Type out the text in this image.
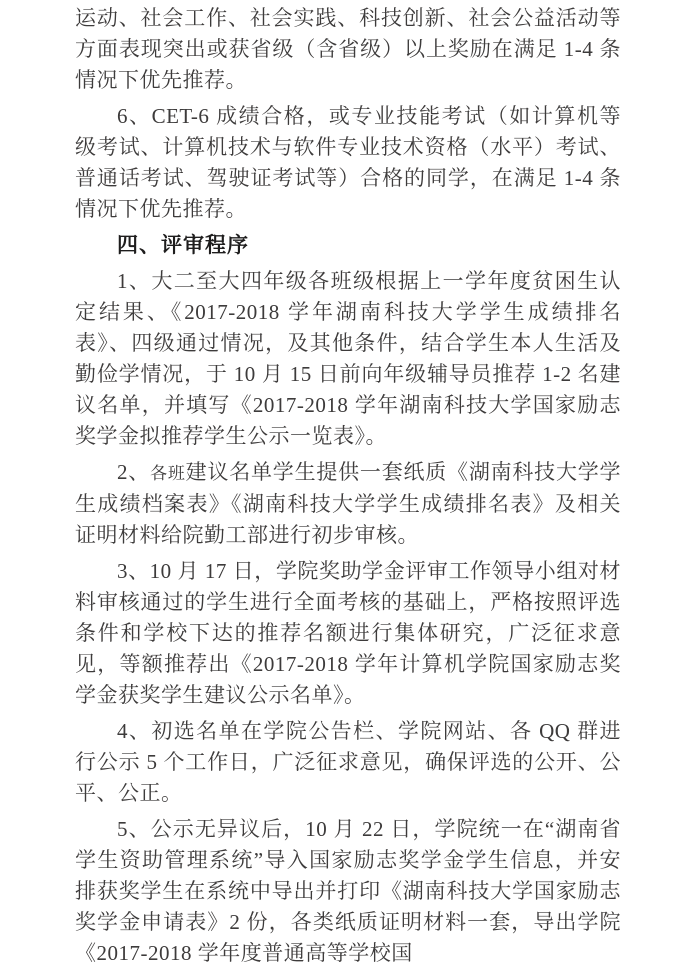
运动、社会工作、社会实践、科技创新、社会公益活动等方面表现突出或获省级（含省级）以上奖励在满足 1-4 条情况下优先推荐。

6、CET-6 成绩合格，或专业技能考试（如计算机等级考试、计算机技术与软件专业技术资格（水平）考试、普通话考试、驾驶证考试等）合格的同学，在满足 1-4 条情况下优先推荐。

四、评审程序

1、大二至大四年级各班级根据上一学年度贫困生认定结果、《2017-2018 学年湖南科技大学学生成绩排名表》、四级通过情况，及其他条件，结合学生本人生活及勤俭学情况，于 10 月 15 日前向年级辅导员推荐 1-2 名建议名单，并填写《2017-2018 学年湖南科技大学国家励志奖学金拟推荐学生公示一览表》。

2、各班建议名单学生提供一套纸质《湖南科技大学学生成绩档案表》《湖南科技大学学生成绩排名表》及相关证明材料给院勤工部进行初步审核。

3、10 月 17 日，学院奖助学金评审工作领导小组对材料审核通过的学生进行全面考核的基础上，严格按照评选条件和学校下达的推荐名额进行集体研究，广泛征求意见，等额推荐出《2017-2018 学年计算机学院国家励志奖学金获奖学生建议公示名单》。

4、初选名单在学院公告栏、学院网站、各 QQ 群进行公示 5 个工作日，广泛征求意见，确保评选的公开、公平、公正。

5、公示无异议后，10 月 22 日，学院统一在“湖南省学生资助管理系统”导入国家励志奖学金学生信息，并安排获奖学生在系统中导出并打印《湖南科技大学国家励志奖学金申请表》2 份，各类纸质证明材料一套，导出学院《2017-2018 学年度普通高等学校国
